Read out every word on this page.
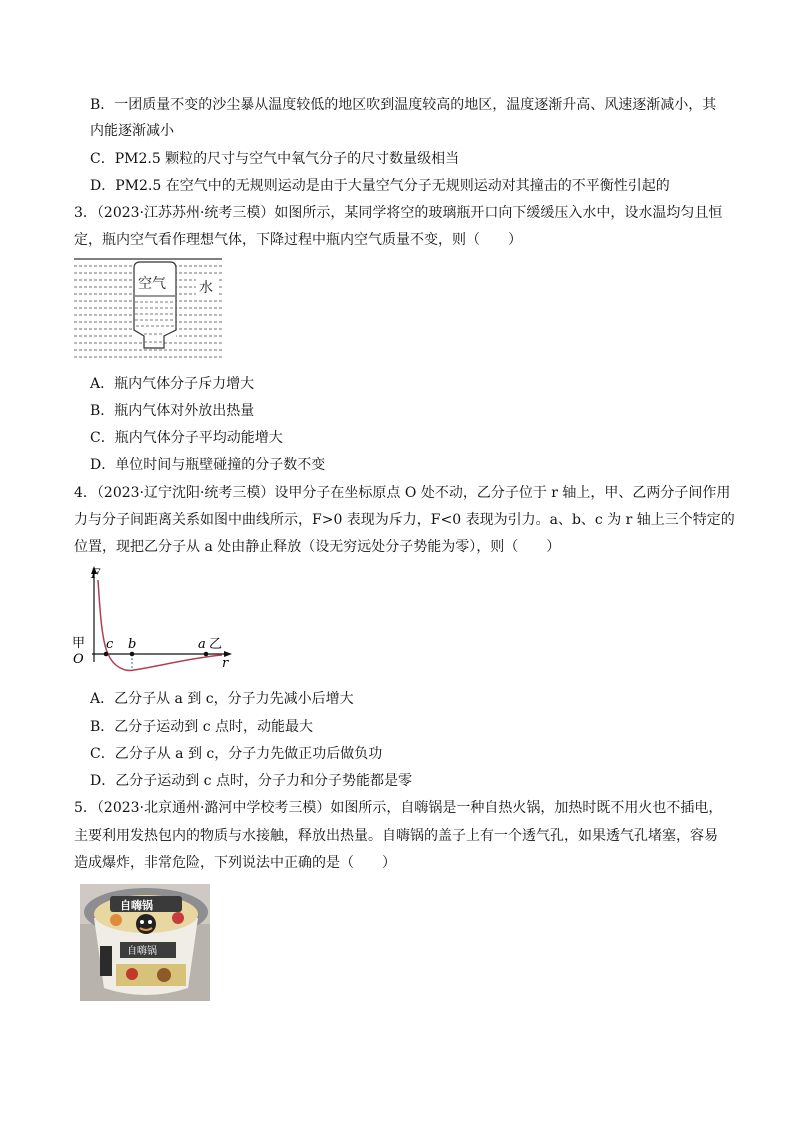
B．一团质量不变的沙尘暴从温度较低的地区吹到温度较高的地区，温度逐渐升高、风速逐渐减小，其
内能逐渐减小
C．PM2.5 颗粒的尺寸与空气中氧气分子的尺寸数量级相当
D．PM2.5 在空气中的无规则运动是由于大量空气分子无规则运动对其撞击的不平衡性引起的
3．（2023·江苏苏州·统考三模）如图所示，某同学将空的玻璃瓶开口向下缓缓压入水中，设水温均匀且恒
定，瓶内空气看作理想气体，下降过程中瓶内空气质量不变，则（　　）
空气 水
A．瓶内气体分子斥力增大
B．瓶内气体对外放出热量
C．瓶内气体分子平均动能增大
D．单位时间与瓶壁碰撞的分子数不变
4．（2023·辽宁沈阳·统考三模）设甲分子在坐标原点 O 处不动，乙分子位于 r 轴上，甲、乙两分子间作用
力与分子间距离关系如图中曲线所示，F>0 表现为斥力，F<0 表现为引力。a、b、c 为 r 轴上三个特定的
位置，现把乙分子从 a 处由静止释放（设无穷远处分子势能为零），则（　　）
F
r
O
甲 c b	a 乙
A．乙分子从 a 到 c，分子力先减小后增大
B．乙分子运动到 c 点时，动能最大
C．乙分子从 a 到 c，分子力先做正功后做负功
D．乙分子运动到 c 点时，分子力和分子势能都是零
5．（2023·北京通州·潞河中学校考三模）如图所示，自嗨锅是一种自热火锅，加热时既不用火也不插电，
主要利用发热包内的物质与水接触，释放出热量。自嗨锅的盖子上有一个透气孔，如果透气孔堵塞，容易
造成爆炸，非常危险，下列说法中正确的是（　　）
自嗨锅
自嗨锅
